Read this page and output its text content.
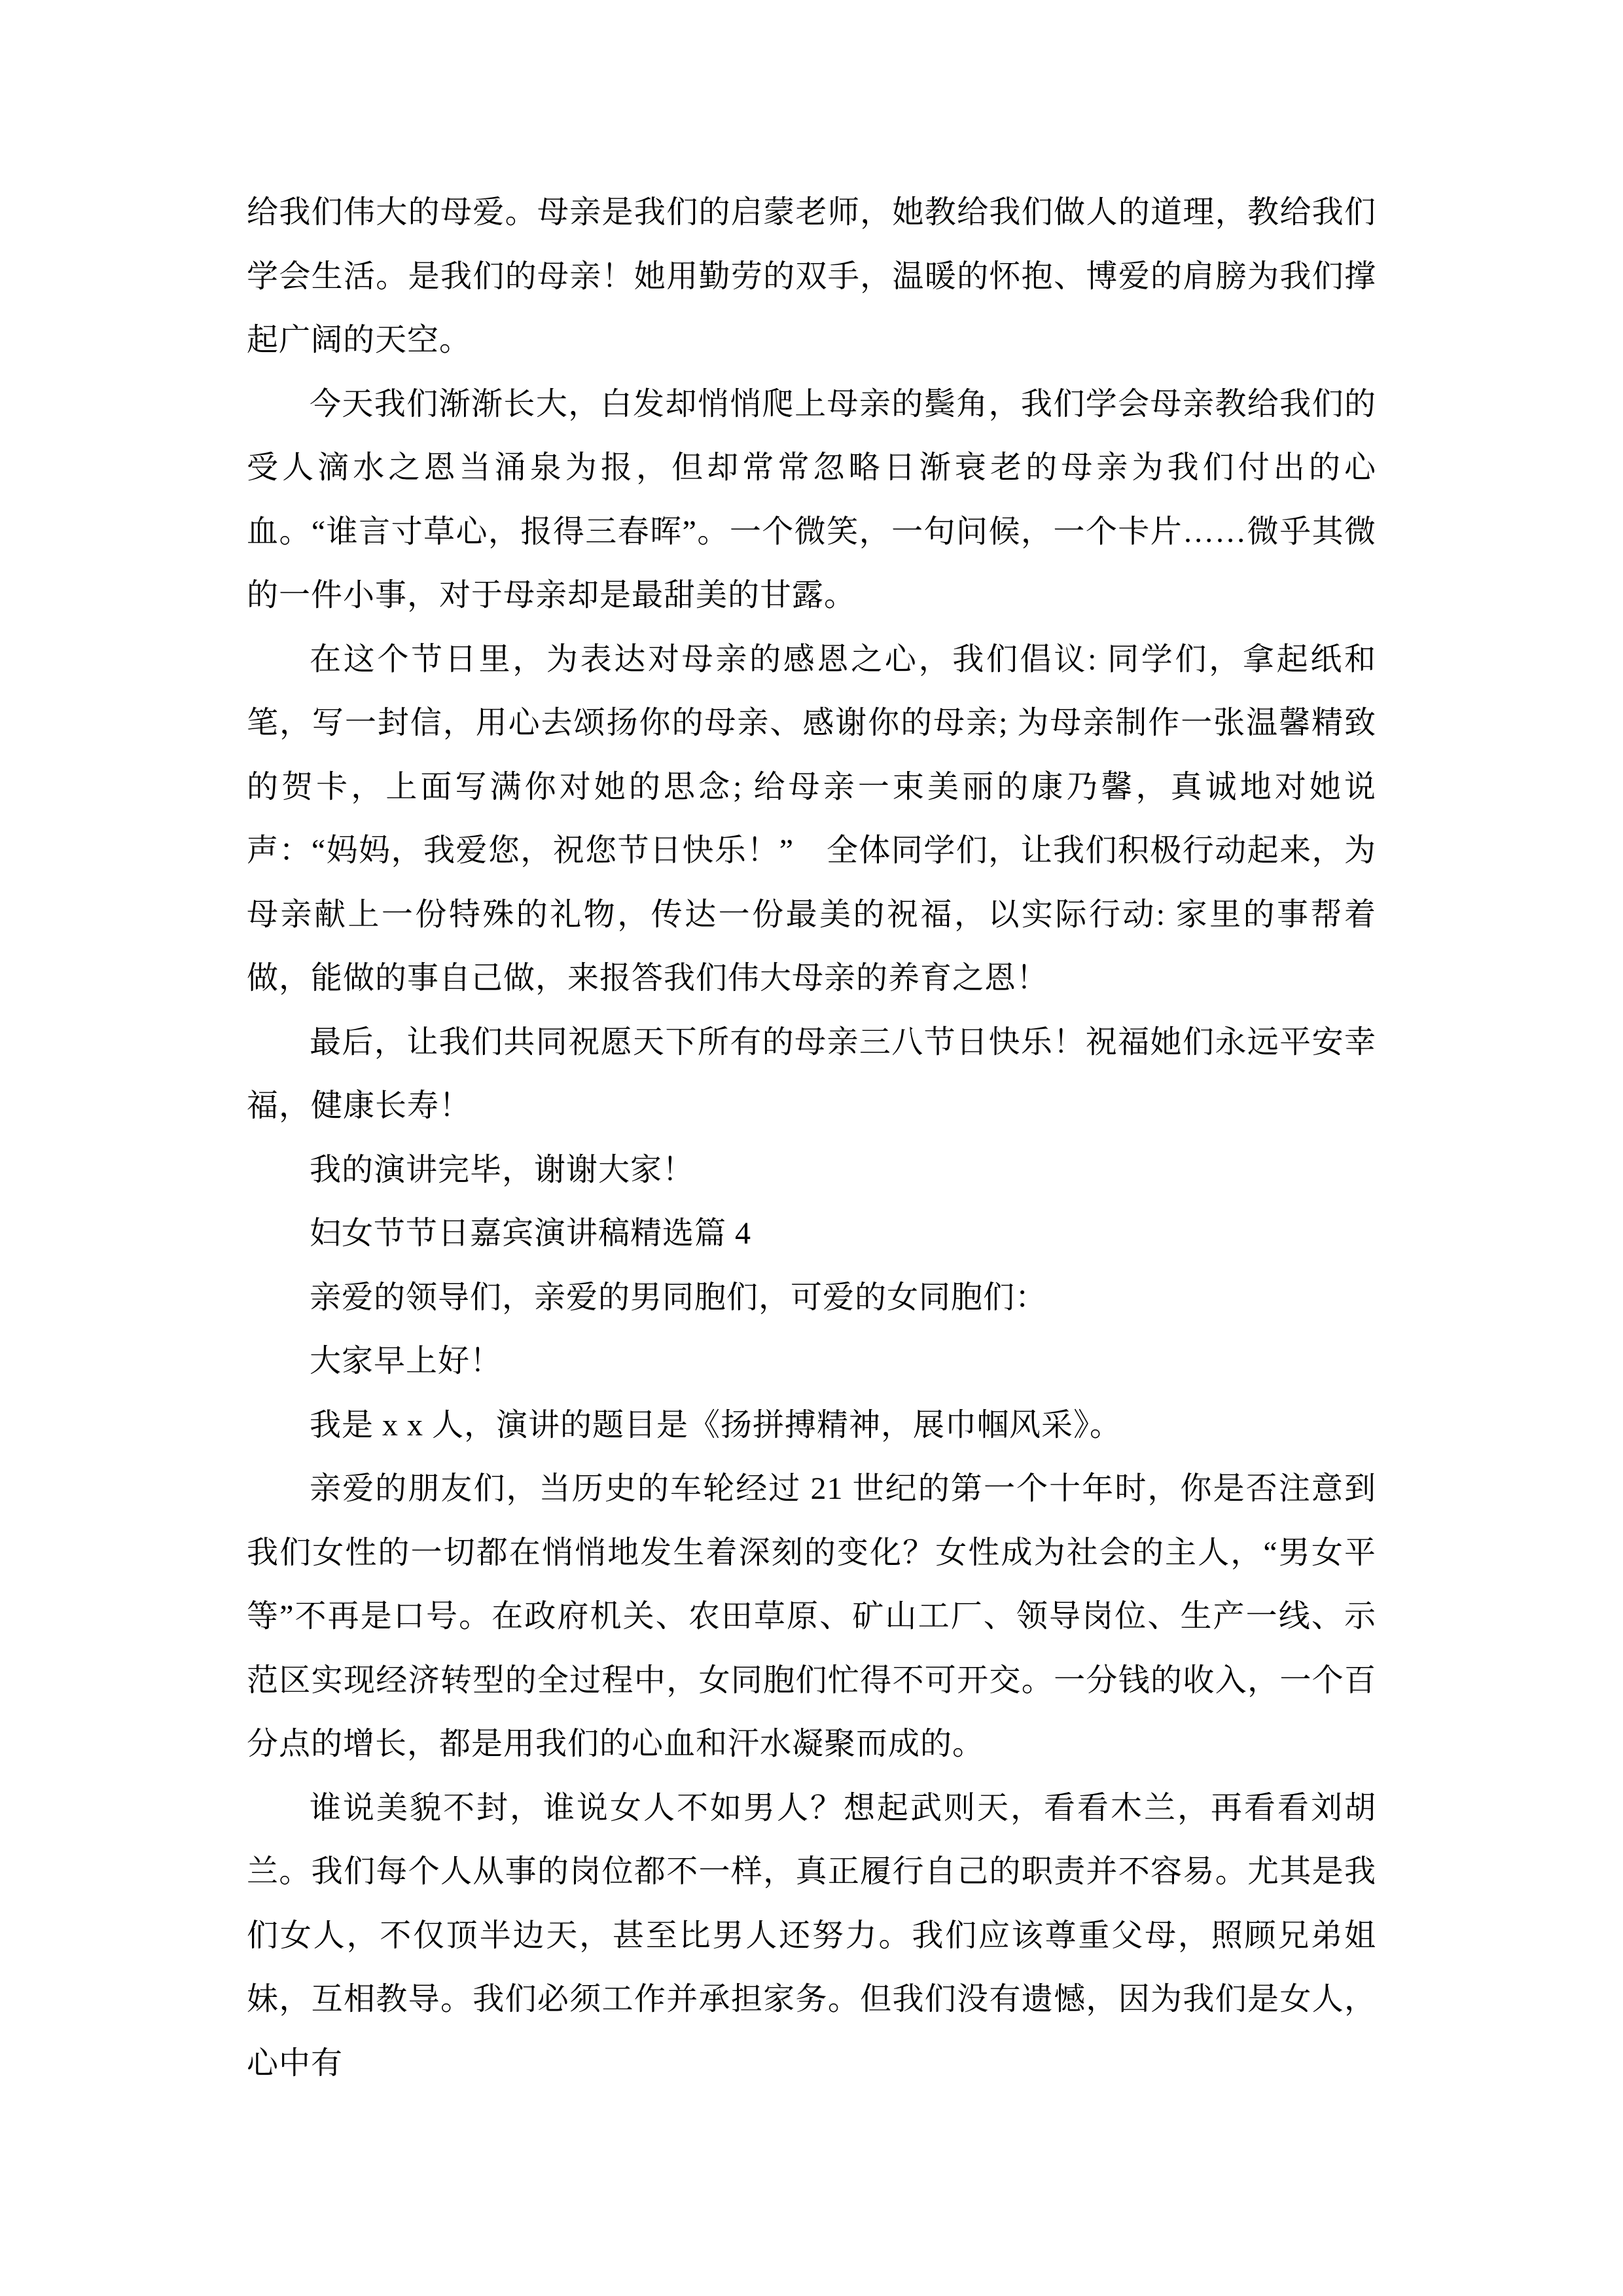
给我们伟大的母爱。母亲是我们的启蒙老师，她教给我们做人的道理，教给我们学会生活。是我们的母亲！她用勤劳的双手，温暖的怀抱、博爱的肩膀为我们撑起广阔的天空。

今天我们渐渐长大，白发却悄悄爬上母亲的鬓角，我们学会母亲教给我们的受人滴水之恩当涌泉为报，但却常常忽略日渐衰老的母亲为我们付出的心血。“谁言寸草心，报得三春晖”。一个微笑，一句问候，一个卡片……微乎其微的一件小事，对于母亲却是最甜美的甘露。

在这个节日里，为表达对母亲的感恩之心，我们倡议: 同学们，拿起纸和笔，写一封信，用心去颂扬你的母亲、感谢你的母亲; 为母亲制作一张温馨精致的贺卡，上面写满你对她的思念; 给母亲一束美丽的康乃馨，真诚地对她说声：“妈妈，我爱您，祝您节日快乐！”　全体同学们，让我们积极行动起来，为母亲献上一份特殊的礼物，传达一份最美的祝福，以实际行动: 家里的事帮着做，能做的事自己做，来报答我们伟大母亲的养育之恩！

最后，让我们共同祝愿天下所有的母亲三八节日快乐！祝福她们永远平安幸福，健康长寿！

我的演讲完毕，谢谢大家！

妇女节节日嘉宾演讲稿精选篇 4

亲爱的领导们，亲爱的男同胞们，可爱的女同胞们：

大家早上好！

我是 x x 人，演讲的题目是《扬拼搏精神，展巾帼风采》。

亲爱的朋友们，当历史的车轮经过 21 世纪的第一个十年时，你是否注意到我们女性的一切都在悄悄地发生着深刻的变化？女性成为社会的主人，“男女平等”不再是口号。在政府机关、农田草原、矿山工厂、领导岗位、生产一线、示范区实现经济转型的全过程中，女同胞们忙得不可开交。一分钱的收入，一个百分点的增长，都是用我们的心血和汗水凝聚而成的。

谁说美貌不封，谁说女人不如男人？想起武则天，看看木兰，再看看刘胡兰。我们每个人从事的岗位都不一样，真正履行自己的职责并不容易。尤其是我们女人，不仅顶半边天，甚至比男人还努力。我们应该尊重父母，照顾兄弟姐妹，互相教导。我们必须工作并承担家务。但我们没有遗憾，因为我们是女人，心中有
